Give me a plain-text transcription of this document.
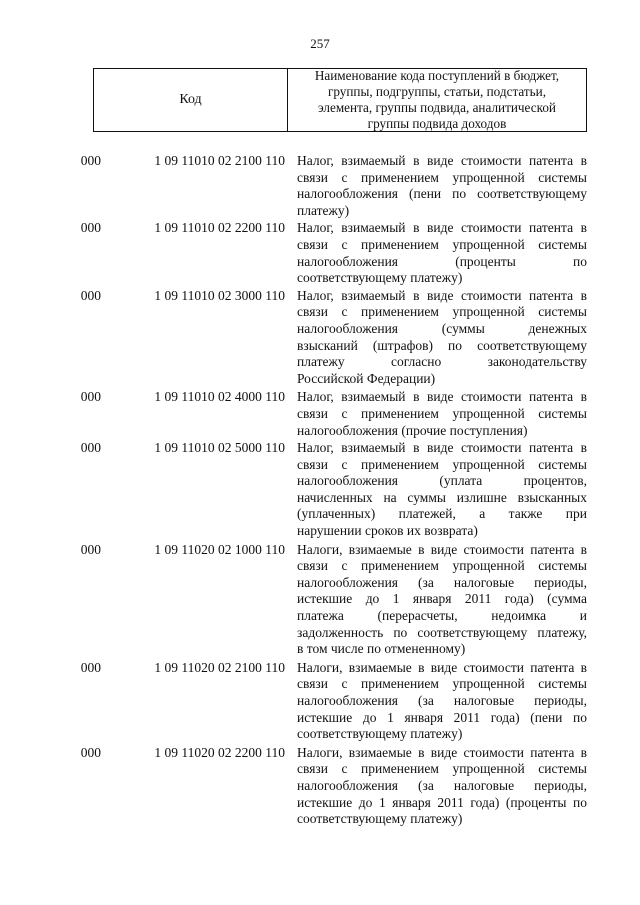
257
Код
Наименование кода поступлений в бюджет,
группы, подгруппы, статьи, подстатьи,
элемента, группы подвида, аналитической
группы подвида доходов
000	1 09 11010 02 2100 110 Налог, взимаемый в виде стоимости патента в
связи с применением упрощенной системы
налогообложения (пени по соответствующему
платежу)
000	1 09 11010 02 2200 110 Налог, взимаемый в виде стоимости патента в
связи с применением упрощенной системы
налогообложения (проценты по
соответствующему платежу)
000	1 09 11010 02 3000 110 Налог, взимаемый в виде стоимости патента в
связи с применением упрощенной системы
налогообложения (суммы денежных
взысканий (штрафов) по соответствующему
платежу согласно законодательству
Российской Федерации)
000	1 09 11010 02 4000 110 Налог, взимаемый в виде стоимости патента в
связи с применением упрощенной системы
налогообложения (прочие поступления)
000	1 09 11010 02 5000 110 Налог, взимаемый в виде стоимости патента в
связи с применением упрощенной системы
налогообложения (уплата процентов,
начисленных на суммы излишне взысканных
(уплаченных) платежей, а также при
нарушении сроков их возврата)
000	1 09 11020 02 1000 110 Налоги, взимаемые в виде стоимости патента в
связи с применением упрощенной системы
налогообложения (за налоговые периоды,
истекшие до 1 января 2011 года) (сумма
платежа (перерасчеты, недоимка и
задолженность по соответствующему платежу,
в том числе по отмененному)
000	1 09 11020 02 2100 110 Налоги, взимаемые в виде стоимости патента в
связи с применением упрощенной системы
налогообложения (за налоговые периоды,
истекшие до 1 января 2011 года) (пени по
соответствующему платежу)
000	1 09 11020 02 2200 110 Налоги, взимаемые в виде стоимости патента в
связи с применением упрощенной системы
налогообложения (за налоговые периоды,
истекшие до 1 января 2011 года) (проценты по
соответствующему платежу)
